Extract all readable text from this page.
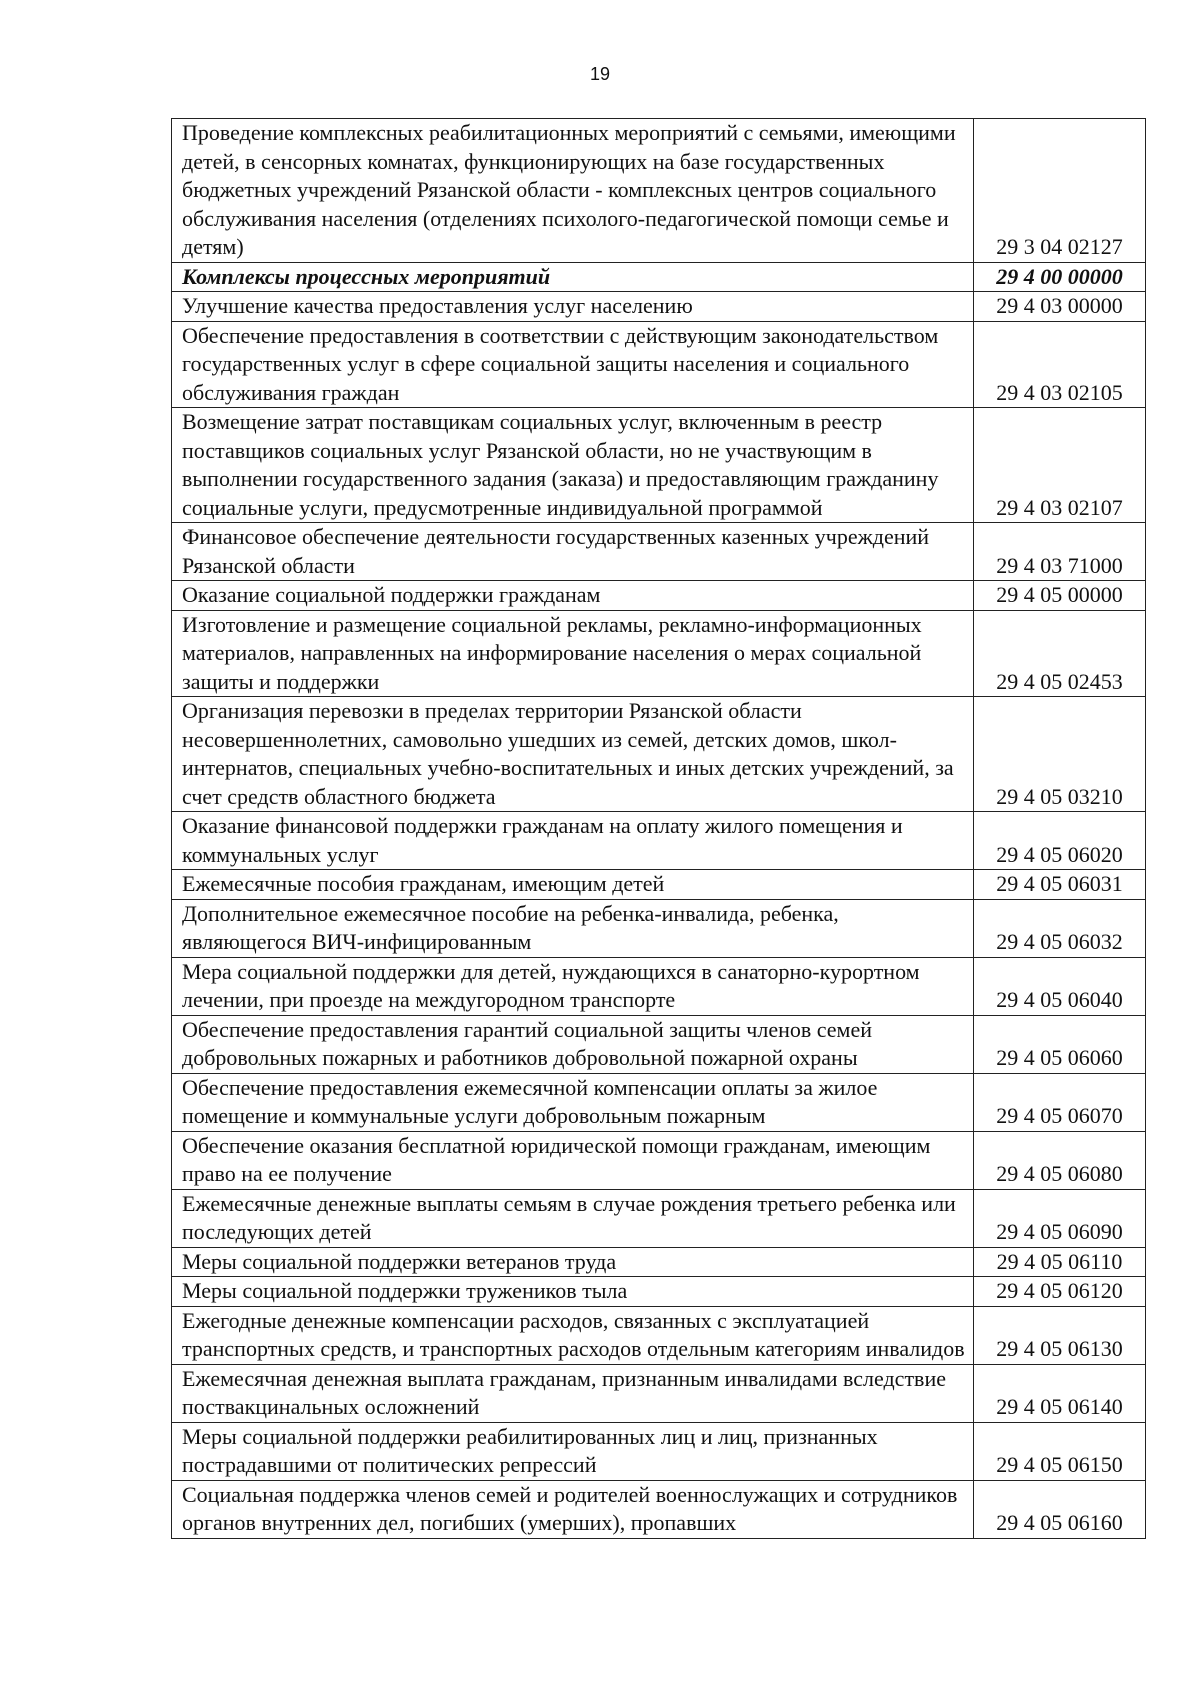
19
Проведение комплексных реабилитационных мероприятий с семьями, имеющими детей, в сенсорных комнатах, функционирующих на базе государственных бюджетных учреждений Рязанской области - комплексных центров социального обслуживания населения (отделениях психолого-педагогической помощи семье и детям)	29 3 04 02127
Комплексы процессных мероприятий	29 4 00 00000
Улучшение качества предоставления услуг населению	29 4 03 00000
Обеспечение предоставления в соответствии с действующим законодательством государственных услуг в сфере социальной защиты населения и социального обслуживания граждан	29 4 03 02105
Возмещение затрат поставщикам социальных услуг, включенным в реестр поставщиков социальных услуг Рязанской области, но не участвующим в выполнении государственного задания (заказа) и предоставляющим гражданину социальные услуги, предусмотренные индивидуальной программой	29 4 03 02107
Финансовое обеспечение деятельности государственных казенных учреждений Рязанской области	29 4 03 71000
Оказание социальной поддержки гражданам	29 4 05 00000
Изготовление и размещение социальной рекламы, рекламно-информационных материалов, направленных на информирование населения о мерах социальной защиты и поддержки	29 4 05 02453
Организация перевозки в пределах территории Рязанской области несовершеннолетних, самовольно ушедших из семей, детских домов, школ-интернатов, специальных учебно-воспитательных и иных детских учреждений, за счет средств областного бюджета	29 4 05 03210
Оказание финансовой поддержки гражданам на оплату жилого помещения и коммунальных услуг	29 4 05 06020
Ежемесячные пособия гражданам, имеющим детей	29 4 05 06031
Дополнительное ежемесячное пособие на ребенка-инвалида, ребенка, являющегося ВИЧ-инфицированным	29 4 05 06032
Мера социальной поддержки для детей, нуждающихся в санаторно-курортном лечении, при проезде на междугородном транспорте	29 4 05 06040
Обеспечение предоставления гарантий социальной защиты членов семей добровольных пожарных и работников добровольной пожарной охраны	29 4 05 06060
Обеспечение предоставления ежемесячной компенсации оплаты за жилое помещение и коммунальные услуги добровольным пожарным	29 4 05 06070
Обеспечение оказания бесплатной юридической помощи гражданам, имеющим право на ее получение	29 4 05 06080
Ежемесячные денежные выплаты семьям в случае рождения третьего ребенка или последующих детей	29 4 05 06090
Меры социальной поддержки ветеранов труда	29 4 05 06110
Меры социальной поддержки тружеников тыла	29 4 05 06120
Ежегодные денежные компенсации расходов, связанных с эксплуатацией транспортных средств, и транспортных расходов отдельным категориям инвалидов	29 4 05 06130
Ежемесячная денежная выплата гражданам, признанным инвалидами вследствие поствакцинальных осложнений	29 4 05 06140
Меры социальной поддержки реабилитированных лиц и лиц, признанных пострадавшими от политических репрессий	29 4 05 06150
Социальная поддержка членов семей и родителей военнослужащих и сотрудников органов внутренних дел, погибших (умерших), пропавших	29 4 05 06160
